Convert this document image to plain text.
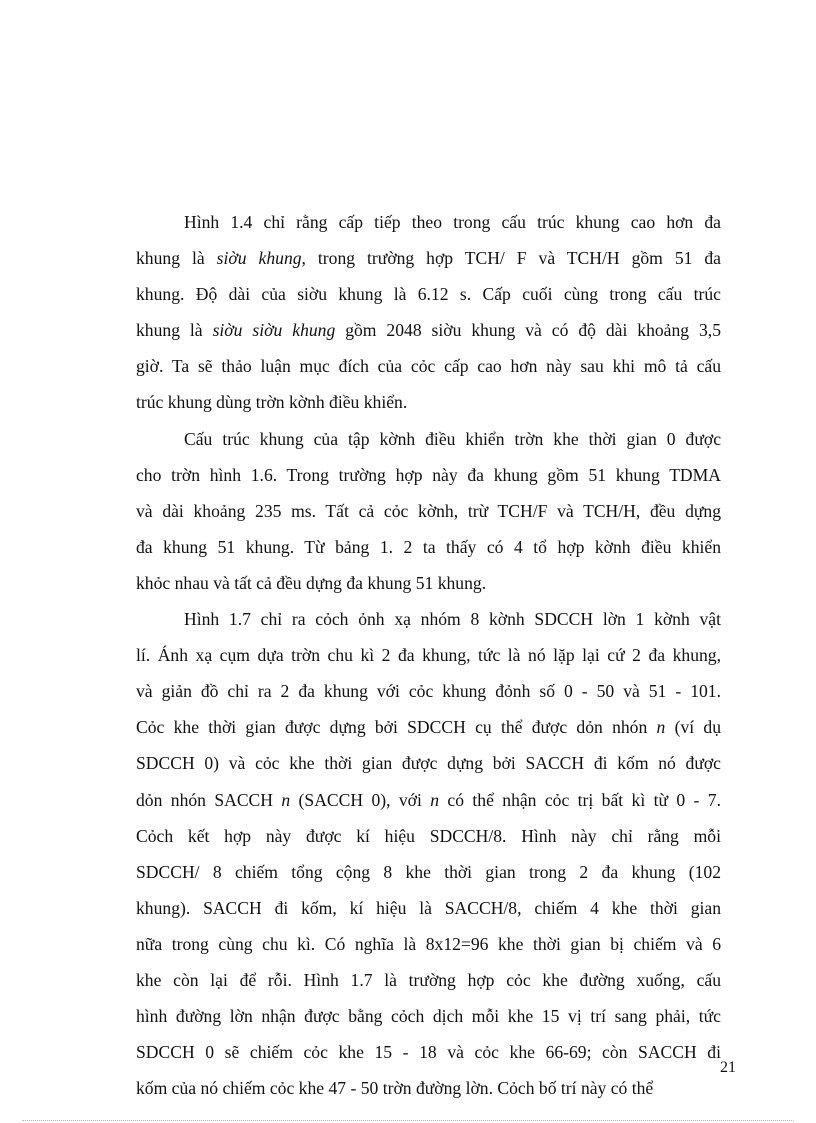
Hình 1.4 chỉ rằng cấp tiếp theo trong cấu trúc khung cao hơn đa
khung là siờu khung, trong trường hợp TCH/ F và TCH/H gồm 51 đa
khung. Độ dài của siờu khung là 6.12 s. Cấp cuối cùng trong cấu trúc
khung là siờu siờu khung gồm 2048 siờu khung và có độ dài khoảng 3,5
giờ. Ta sẽ thảo luận mục đích của cỏc cấp cao hơn này sau khi mô tả cấu
trúc khung dùng trờn kờnh điều khiển.
Cấu trúc khung của tập kờnh điều khiển trờn khe thời gian 0 được
cho trờn hình 1.6. Trong trường hợp này đa khung gồm 51 khung TDMA
và dài khoảng 235 ms. Tất cả cỏc kờnh, trừ TCH/F và TCH/H, đều dựng
đa khung 51 khung. Từ bảng 1. 2 ta thấy có 4 tổ hợp kờnh điều khiển
khỏc nhau và tất cả đều dựng đa khung 51 khung.
Hình 1.7 chỉ ra cỏch ỏnh xạ nhóm 8 kờnh SDCCH lờn 1 kờnh vật
lí. Ánh xạ cụm dựa trờn chu kì 2 đa khung, tức là nó lặp lại cứ 2 đa khung,
và giản đồ chỉ ra 2 đa khung với cỏc khung đỏnh số 0 - 50 và 51 - 101.
Cỏc khe thời gian được dựng bởi SDCCH cụ thể được dỏn nhón n (ví dụ
SDCCH 0) và cỏc khe thời gian được dựng bởi SACCH đi kốm nó được
dỏn nhón SACCH n (SACCH 0), với n có thể nhận cỏc trị bất kì từ 0 - 7.
Cỏch kết hợp này được kí hiệu SDCCH/8. Hình này chỉ rằng mỗi
SDCCH/ 8 chiếm tổng cộng 8 khe thời gian trong 2 đa khung (102
khung). SACCH đi kốm, kí hiệu là SACCH/8, chiếm 4 khe thời gian
nữa trong cùng chu kì. Có nghĩa là 8x12=96 khe thời gian bị chiếm và 6
khe còn lại để rỗi. Hình 1.7 là trường hợp cỏc khe đường xuống, cấu
hình đường lờn nhận được bằng cỏch dịch mỗi khe 15 vị trí sang phải, tức
SDCCH 0 sẽ chiếm cỏc khe 15 - 18 và cỏc khe 66-69; còn SACCH đi
kốm của nó chiếm cỏc khe 47 - 50 trờn đường lờn. Cỏch bố trí này có thể
21
